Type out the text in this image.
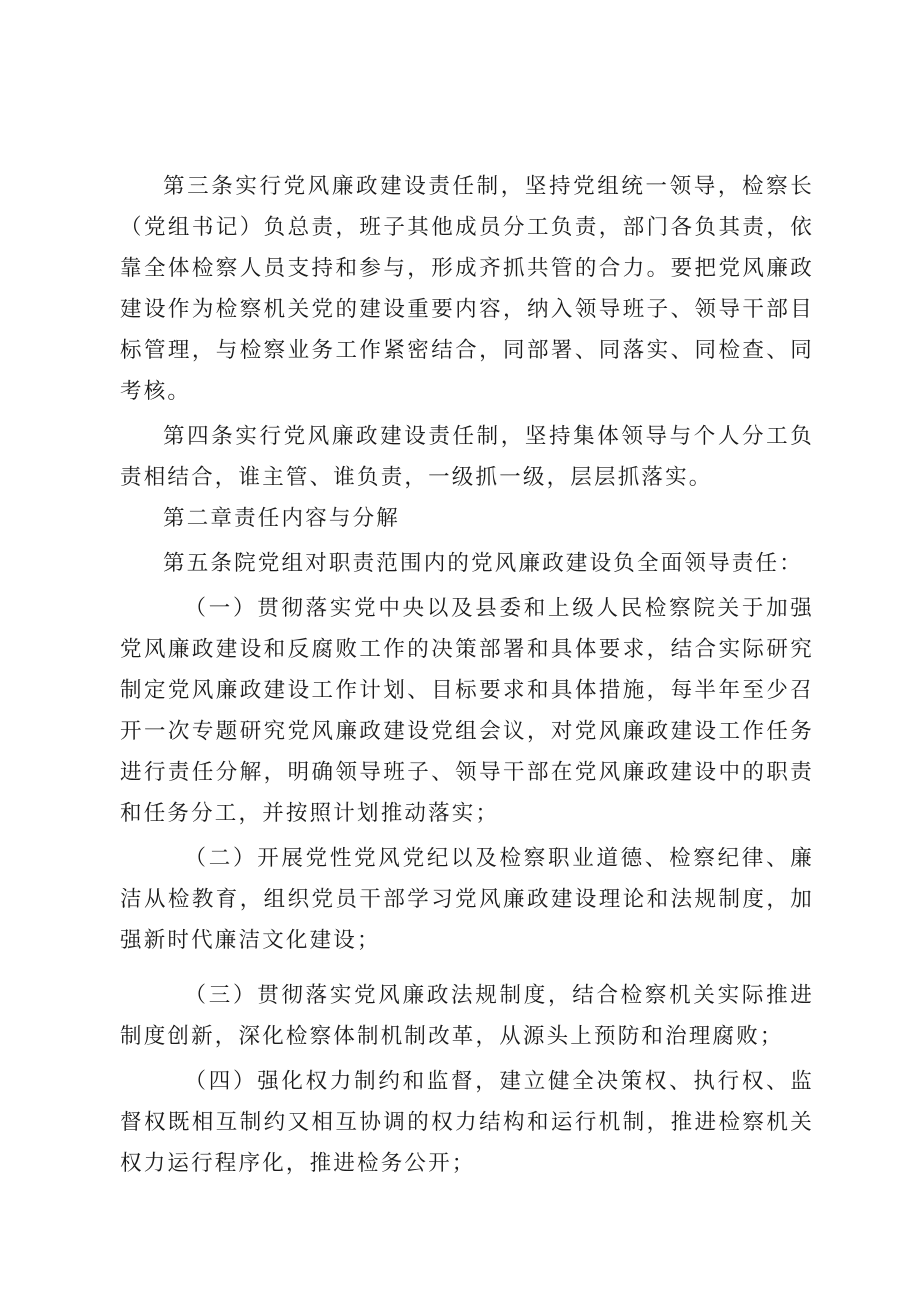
第三条实行党风廉政建设责任制，坚持党组统一领导，检察长（党组书记）负总责，班子其他成员分工负责，部门各负其责，依靠全体检察人员支持和参与，形成齐抓共管的合力。要把党风廉政建设作为检察机关党的建设重要内容，纳入领导班子、领导干部目标管理，与检察业务工作紧密结合，同部署、同落实、同检查、同考核。

第四条实行党风廉政建设责任制，坚持集体领导与个人分工负责相结合，谁主管、谁负责，一级抓一级，层层抓落实。

第二章责任内容与分解

第五条院党组对职责范围内的党风廉政建设负全面领导责任：

（一）贯彻落实党中央以及县委和上级人民检察院关于加强党风廉政建设和反腐败工作的决策部署和具体要求，结合实际研究制定党风廉政建设工作计划、目标要求和具体措施，每半年至少召开一次专题研究党风廉政建设党组会议，对党风廉政建设工作任务进行责任分解，明确领导班子、领导干部在党风廉政建设中的职责和任务分工，并按照计划推动落实；

（二）开展党性党风党纪以及检察职业道德、检察纪律、廉洁从检教育，组织党员干部学习党风廉政建设理论和法规制度，加强新时代廉洁文化建设；

（三）贯彻落实党风廉政法规制度，结合检察机关实际推进制度创新，深化检察体制机制改革，从源头上预防和治理腐败；

（四）强化权力制约和监督，建立健全决策权、执行权、监督权既相互制约又相互协调的权力结构和运行机制，推进检察机关权力运行程序化，推进检务公开；
